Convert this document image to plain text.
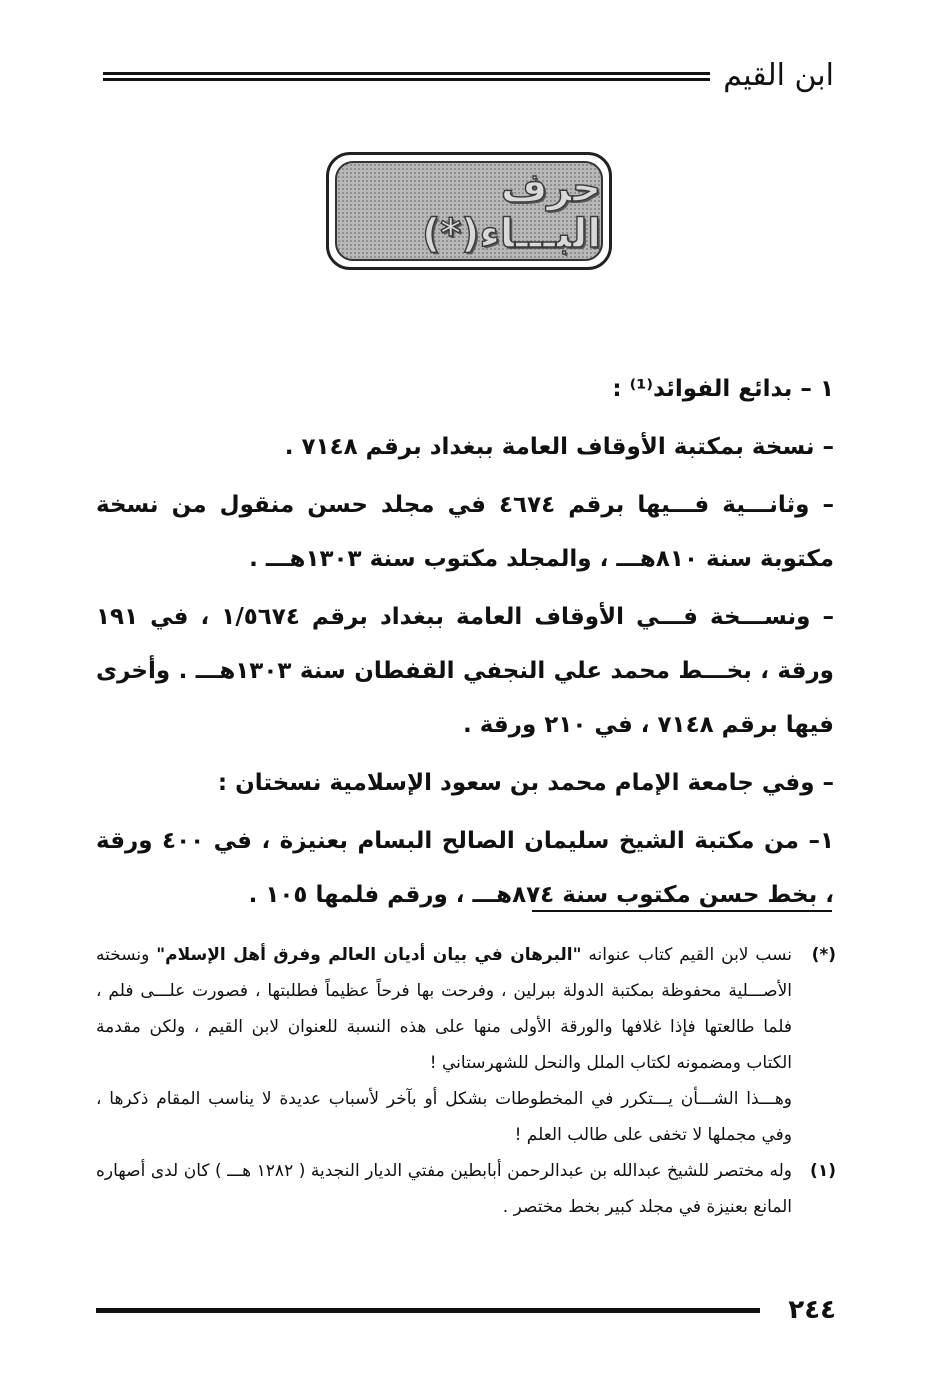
ابن القيم
حرف البـــاء(*)

١ – بدائع الفوائد⁽¹⁾ :

– نسخة بمكتبة الأوقاف العامة ببغداد برقم ٧١٤٨ .

– وثانـــية فـــيها برقم ٤٦٧٤ في مجلد حسن منقول من نسخة مكتوبة سنة ٨١٠هـــ ، والمجلد مكتوب سنة ١٣٠٣هـــ .

– ونســـخة فـــي الأوقاف العامة ببغداد برقم ١/٥٦٧٤ ، في ١٩١ ورقة ، بخـــط محمد علي النجفي القفطان سنة ١٣٠٣هـــ . وأخرى فيها برقم ٧١٤٨ ، في ٢١٠ ورقة .

– وفي جامعة الإمام محمد بن سعود الإسلامية نسختان :

١– من مكتبة الشيخ سليمان الصالح البسام بعنيزة ، في ٤٠٠ ورقة ، بخط حسن مكتوب سنة ٨٧٤هـــ ، ورقم فلمها ١٠٥ .

(*)

نسب لابن القيم كتاب عنوانه "البرهان في بيان أديان العالم وفرق أهل الإسلام" ونسخته الأصـــلية محفوظة بمكتبة الدولة ببرلين ، وفرحت بها فرحاً عظيماً فطلبتها ، فصورت علـــى فلم ، فلما طالعتها فإذا غلافها والورقة الأولى منها على هذه النسبة للعنوان لابن القيم ، ولكن مقدمة الكتاب ومضمونه لكتاب الملل والنحل للشهرستاني !

وهـــذا الشـــأن يـــتكرر في المخطوطات بشكل أو بآخر لأسباب عديدة لا يناسب المقام ذكرها ، وفي مجملها لا تخفى على طالب العلم !

(١)

وله مختصر للشيخ عبدالله بن عبدالرحمن أبابطين مفتي الديار النجدية ( ١٢٨٢ هـــ ) كان لدى أصهاره المانع بعنيزة في مجلد كبير بخط مختصر .

٢٤٤
